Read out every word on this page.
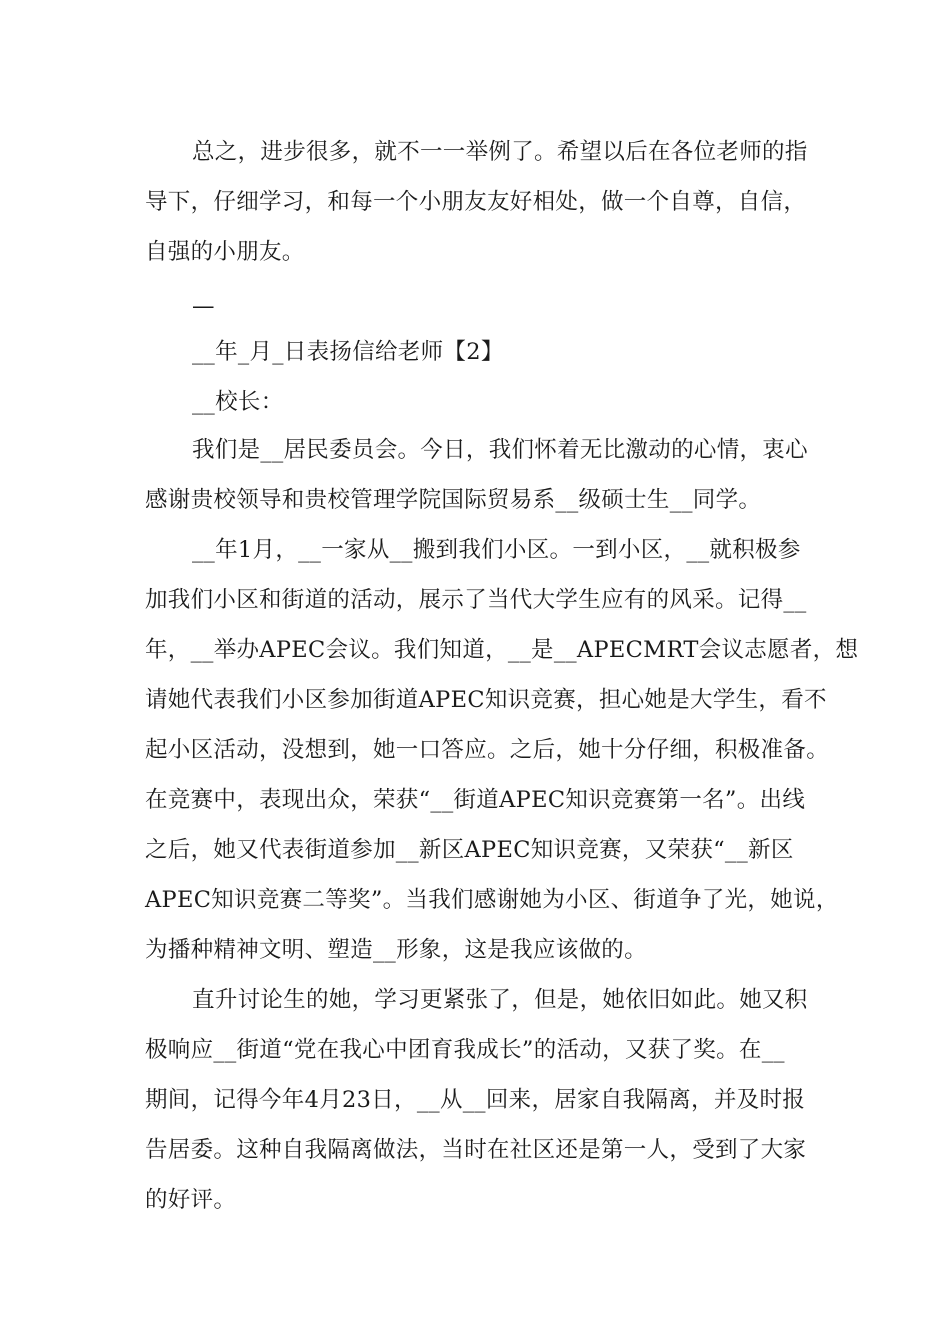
总之，进步很多，就不一一举例了。希望以后在各位老师的指
导下，仔细学习，和每一个小朋友友好相处，做一个自尊，自信，
自强的小朋友。
—
__年_月_日表扬信给老师【2】
__校长：
我们是__居民委员会。今日，我们怀着无比激动的心情，衷心
感谢贵校领导和贵校管理学院国际贸易系__级硕士生__同学。
__年1月，__一家从__搬到我们小区。一到小区，__就积极参
加我们小区和街道的活动，展示了当代大学生应有的风采。记得__
年，__举办APEC会议。我们知道，__是__APECMRT会议志愿者，想
请她代表我们小区参加街道APEC知识竞赛，担心她是大学生，看不
起小区活动，没想到，她一口答应。之后，她十分仔细，积极准备。
在竞赛中，表现出众，荣获“__街道APEC知识竞赛第一名”。出线
之后，她又代表街道参加__新区APEC知识竞赛，又荣获“__新区
APEC知识竞赛二等奖”。当我们感谢她为小区、街道争了光，她说，
为播种精神文明、塑造__形象，这是我应该做的。
直升讨论生的她，学习更紧张了，但是，她依旧如此。她又积
极响应__街道“党在我心中团育我成长”的活动，又获了奖。在__
期间，记得今年4月23日，__从__回来，居家自我隔离，并及时报
告居委。这种自我隔离做法，当时在社区还是第一人，受到了大家
的好评。
